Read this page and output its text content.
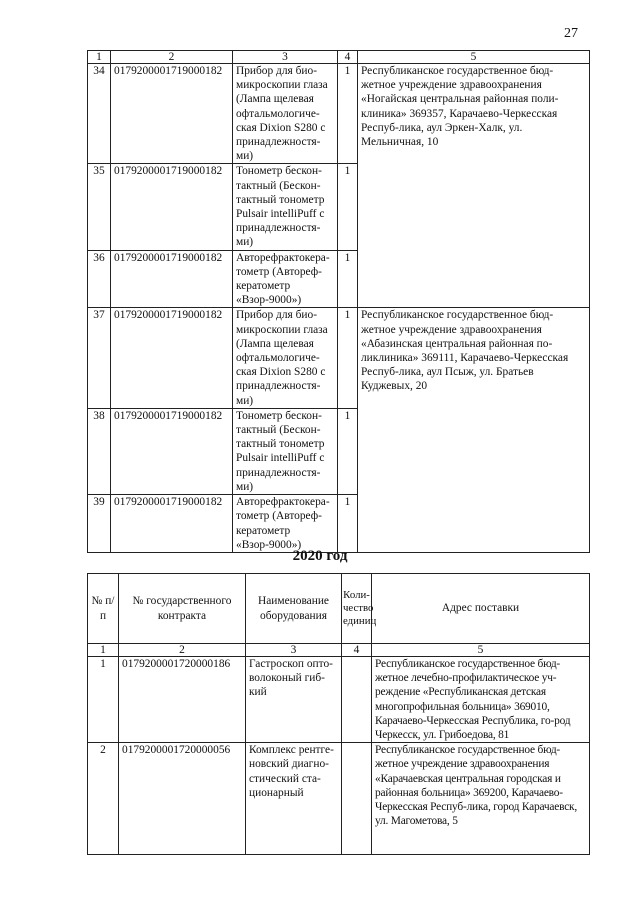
27
1	2	3	4	5
34	0179200001719000182	Прибор для био-микроскопии глаза (Лампа щелевая офтальмологиче-ская Dixion S280 с принадлежностя-ми)	1	Республиканское государственное бюд-жетное учреждение здравоохранения «Ногайская центральная районная поли-клиника» 369357, Карачаево-Черкесская Респуб-лика, аул Эркен-Халк, ул. Мельничная, 10
35	0179200001719000182	Тонометр бескон-тактный (Бескон-тактный тонометр Pulsair intelliPuff с принадлежностя-ми)	1	
36	0179200001719000182	Авторефрактокера-тометр (Автореф-кератометр «Взор-9000»)	1	
37	0179200001719000182	Прибор для био-микроскопии глаза (Лампа щелевая офтальмологиче-ская Dixion S280 с принадлежностя-ми)	1	Республиканское государственное бюд-жетное учреждение здравоохранения «Абазинская центральная районная по-ликлиника» 369111, Карачаево-Черкесская Респуб-лика, аул Псыж, ул. Братьев Куджевых, 20
38	0179200001719000182	Тонометр бескон-тактный (Бескон-тактный тонометр Pulsair intelliPuff с принадлежностя-ми)	1	
39	0179200001719000182	Авторефрактокера-тометр (Автореф-кератометр «Взор-9000»)	1	
2020 год
№ п/п	№ государственного контракта	Наименование оборудования	Коли-чество единиц	Адрес поставки
1	2	3	4	5
1	0179200001720000186	Гастроскоп опто-волоконый гиб-кий		Республиканское государственное бюд-жетное лечебно-профилактическое уч-реждение «Республиканская детская многопрофильная больница» 369010, Карачаево-Черкесская Республика, го-род Черкесск, ул. Грибоедова, 81
2	0179200001720000056	Комплекс рентге-новский диагно-стический ста-ционарный		Республиканское государственное бюд-жетное учреждение здравоохранения «Карачаевская центральная городская и районная больница» 369200, Карачаево-Черкесская Респуб-лика, город Карачаевск, ул. Магометова, 5
